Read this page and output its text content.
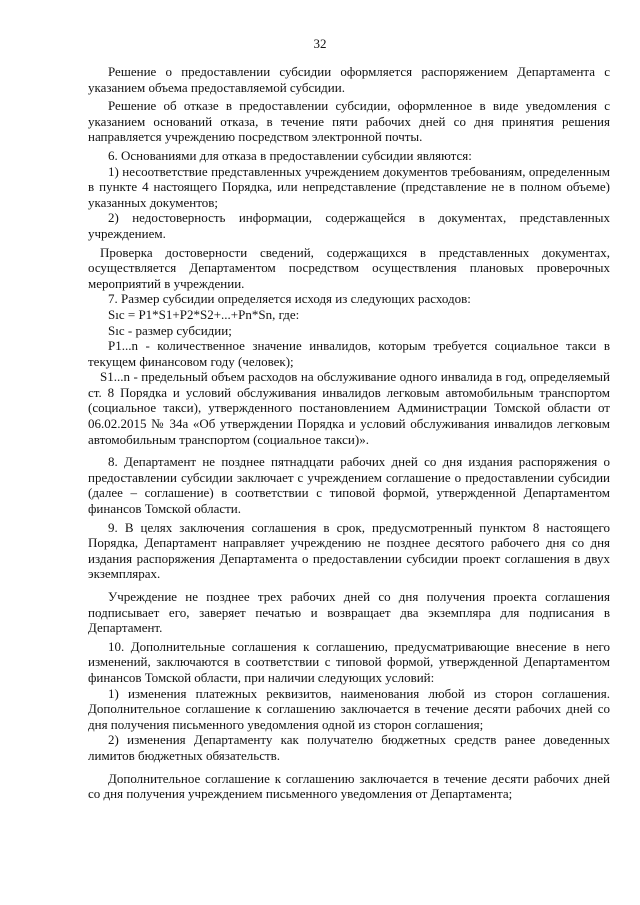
32

Решение о предоставлении субсидии оформляется распоряжением Департамента с указанием объема предоставляемой субсидии.

Решение об отказе в предоставлении субсидии, оформленное в виде уведомления с указанием оснований отказа, в течение пяти рабочих дней со дня принятия решения направляется учреждению посредством электронной почты.

6. Основаниями для отказа в предоставлении субсидии являются:

1) несоответствие представленных учреждением документов требованиям, определенным в пункте 4 настоящего Порядка, или непредставление (представление не в полном объеме) указанных документов;

2) недостоверность информации, содержащейся в документах, представленных учреждением.

Проверка достоверности сведений, содержащихся в представленных документах, осуществляется Департаментом посредством осуществления плановых проверочных мероприятий в учреждении.

7. Размер субсидии определяется исходя из следующих расходов:

Sıс = P1*S1+P2*S2+...+Pn*Sn, где:

Sıс - размер субсидии;

P1...n - количественное значение инвалидов, которым требуется социальное такси в текущем финансовом году (человек);

S1...n - предельный объем расходов на обслуживание одного инвалида в год, определяемый ст. 8 Порядка и условий обслуживания инвалидов легковым автомобильным транспортом (социальное такси), утвержденного постановлением Администрации Томской области от 06.02.2015 № 34а «Об утверждении Порядка и условий обслуживания инвалидов легковым автомобильным транспортом (социальное такси)».

8. Департамент не позднее пятнадцати рабочих дней со дня издания распоряжения о предоставлении субсидии заключает с учреждением соглашение о предоставлении субсидии (далее – соглашение) в соответствии с типовой формой, утвержденной Департаментом финансов Томской области.

9. В целях заключения соглашения в срок, предусмотренный пунктом 8 настоящего Порядка, Департамент направляет учреждению не позднее десятого рабочего дня со дня издания распоряжения Департамента о предоставлении субсидии проект соглашения в двух экземплярах.

Учреждение не позднее трех рабочих дней со дня получения проекта соглашения подписывает его, заверяет печатью и возвращает два экземпляра для подписания в Департамент.

10. Дополнительные соглашения к соглашению, предусматривающие внесение в него изменений, заключаются в соответствии с типовой формой, утвержденной Департаментом финансов Томской области, при наличии следующих условий:

1) изменения платежных реквизитов, наименования любой из сторон соглашения. Дополнительное соглашение к соглашению заключается в течение десяти рабочих дней со дня получения письменного уведомления одной из сторон соглашения;

2) изменения Департаменту как получателю бюджетных средств ранее доведенных лимитов бюджетных обязательств.

Дополнительное соглашение к соглашению заключается в течение десяти рабочих дней со дня получения учреждением письменного уведомления от Департамента;
